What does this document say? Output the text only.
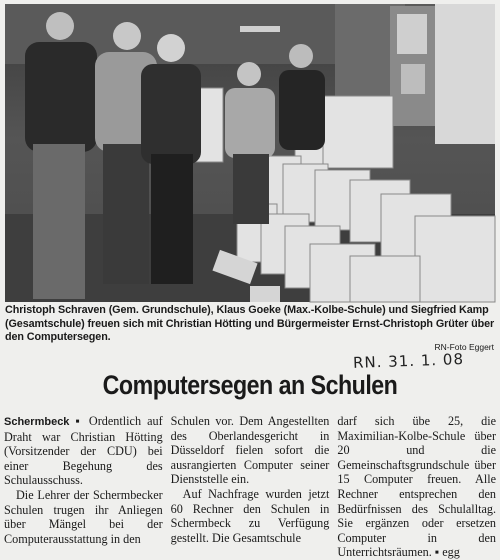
Christoph Schraven (Gem. Grundschule), Klaus Goeke (Max.-Kolbe-Schule) und Siegfried Kamp (Gesamtschule) freuen sich mit Christian Hötting und Bürgermeister Ernst-Christoph Grüter über den Computersegen.
RN-Foto Eggert
RN. 31. 1. 08
Computersegen an Schulen

Schermbeck ▪ Ordentlich auf Draht war Christian Hötting (Vorsitzender der CDU) bei einer Begehung des Schulausschuss.

Die Lehrer der Schermbecker Schulen trugen ihr Anliegen über Mängel bei der Computerausstattung in den

Schulen vor. Dem Angestellten des Oberlandesgericht in Düsseldorf fielen sofort die ausrangierten Computer seiner Dienststelle ein.

Auf Nachfrage wurden jetzt 60 Rechner den Schulen in Schermbeck zu Verfügung gestellt. Die Gesamtschule

darf sich übe 25, die Maximilian-Kolbe-Schule über 20 und die Gemeinschaftsgrundschule über 15 Computer freuen. Alle Rechner entsprechen den Bedürfnissen des Schulalltag. Sie ergänzen oder ersetzen Computer in den Unterrichtsräumen. ▪ egg
